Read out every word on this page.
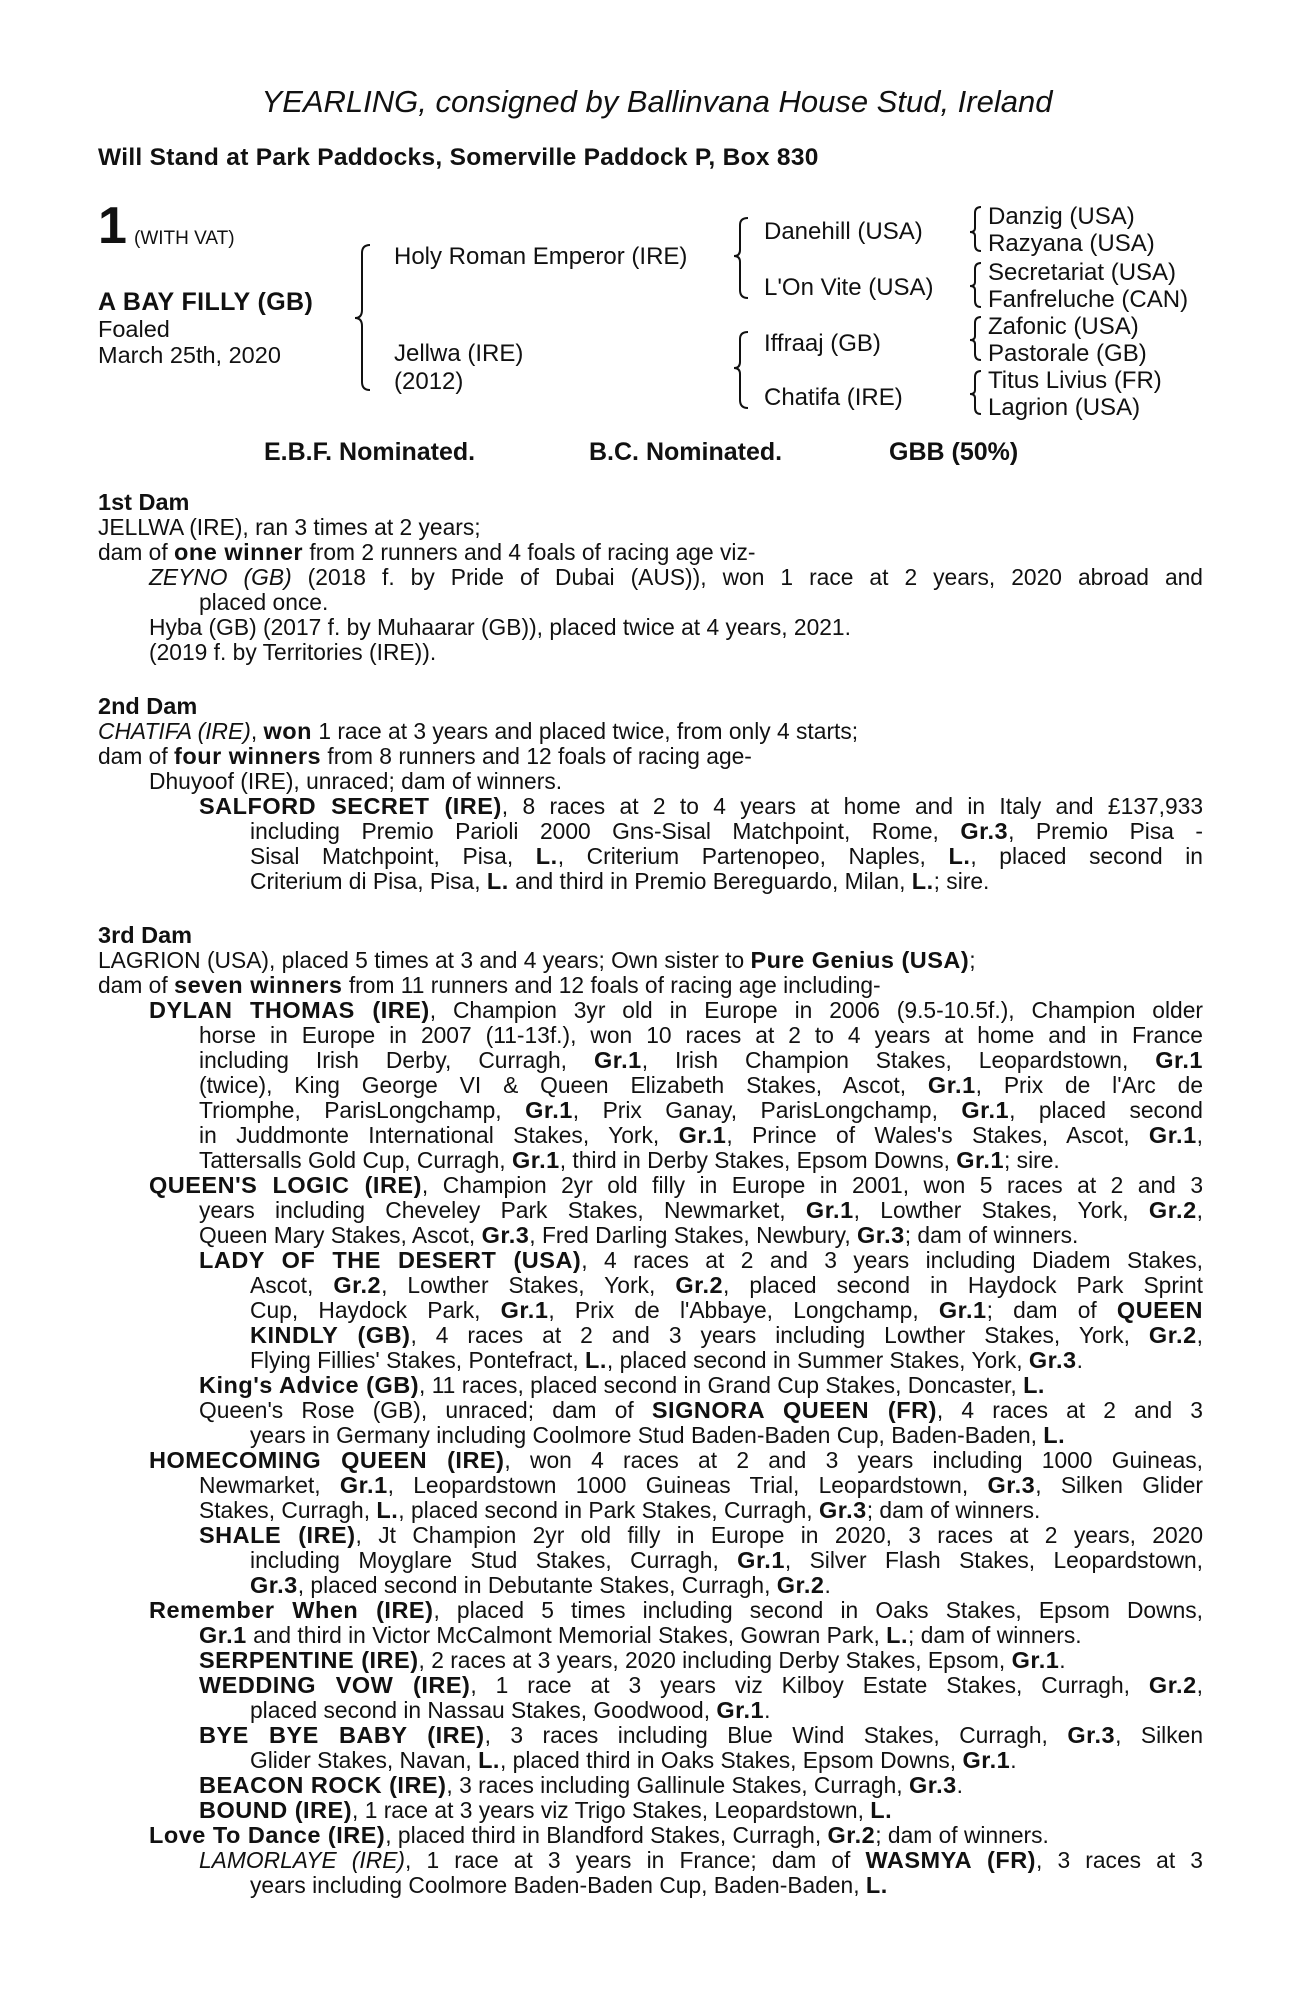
YEARLING, consigned by Ballinvana House Stud, Ireland
Will Stand at Park Paddocks, Somerville Paddock P, Box 830
1 (WITH VAT)
A BAY FILLY (GB)
Foaled
March 25th, 2020
Holy Roman Emperor (IRE)
Jellwa (IRE)
(2012)
Danehill (USA)
L'On Vite (USA)
Iffraaj (GB)
Chatifa (IRE)
Danzig (USA)
Razyana (USA)
Secretariat (USA)
Fanfreluche (CAN)
Zafonic (USA)
Pastorale (GB)
Titus Livius (FR)
Lagrion (USA)
E.B.F. Nominated.	B.C. Nominated.	GBB (50%)
1st Dam
JELLWA (IRE), ran 3 times at 2 years;
dam of one winner from 2 runners and 4 foals of racing age viz-
ZEYNO (GB) (2018 f. by Pride of Dubai (AUS)), won 1 race at 2 years, 2020 abroad and
placed once.
Hyba (GB) (2017 f. by Muhaarar (GB)), placed twice at 4 years, 2021.
(2019 f. by Territories (IRE)).
2nd Dam
CHATIFA (IRE), won 1 race at 3 years and placed twice, from only 4 starts;
dam of four winners from 8 runners and 12 foals of racing age-
Dhuyoof (IRE), unraced; dam of winners.
SALFORD SECRET (IRE), 8 races at 2 to 4 years at home and in Italy and £137,933
including Premio Parioli 2000 Gns-Sisal Matchpoint, Rome, Gr.3, Premio Pisa -
Sisal Matchpoint, Pisa, L., Criterium Partenopeo, Naples, L., placed second in
Criterium di Pisa, Pisa, L. and third in Premio Bereguardo, Milan, L.; sire.
3rd Dam
LAGRION (USA), placed 5 times at 3 and 4 years; Own sister to Pure Genius (USA);
dam of seven winners from 11 runners and 12 foals of racing age including-
DYLAN THOMAS (IRE), Champion 3yr old in Europe in 2006 (9.5-10.5f.), Champion older
horse in Europe in 2007 (11-13f.), won 10 races at 2 to 4 years at home and in France
including Irish Derby, Curragh, Gr.1, Irish Champion Stakes, Leopardstown, Gr.1
(twice), King George VI & Queen Elizabeth Stakes, Ascot, Gr.1, Prix de l'Arc de
Triomphe, ParisLongchamp, Gr.1, Prix Ganay, ParisLongchamp, Gr.1, placed second
in Juddmonte International Stakes, York, Gr.1, Prince of Wales's Stakes, Ascot, Gr.1,
Tattersalls Gold Cup, Curragh, Gr.1, third in Derby Stakes, Epsom Downs, Gr.1; sire.
QUEEN'S LOGIC (IRE), Champion 2yr old filly in Europe in 2001, won 5 races at 2 and 3
years including Cheveley Park Stakes, Newmarket, Gr.1, Lowther Stakes, York, Gr.2,
Queen Mary Stakes, Ascot, Gr.3, Fred Darling Stakes, Newbury, Gr.3; dam of winners.
LADY OF THE DESERT (USA), 4 races at 2 and 3 years including Diadem Stakes,
Ascot, Gr.2, Lowther Stakes, York, Gr.2, placed second in Haydock Park Sprint
Cup, Haydock Park, Gr.1, Prix de l'Abbaye, Longchamp, Gr.1; dam of QUEEN
KINDLY (GB), 4 races at 2 and 3 years including Lowther Stakes, York, Gr.2,
Flying Fillies' Stakes, Pontefract, L., placed second in Summer Stakes, York, Gr.3.
King's Advice (GB), 11 races, placed second in Grand Cup Stakes, Doncaster, L.
Queen's Rose (GB), unraced; dam of SIGNORA QUEEN (FR), 4 races at 2 and 3
years in Germany including Coolmore Stud Baden-Baden Cup, Baden-Baden, L.
HOMECOMING QUEEN (IRE), won 4 races at 2 and 3 years including 1000 Guineas,
Newmarket, Gr.1, Leopardstown 1000 Guineas Trial, Leopardstown, Gr.3, Silken Glider
Stakes, Curragh, L., placed second in Park Stakes, Curragh, Gr.3; dam of winners.
SHALE (IRE), Jt Champion 2yr old filly in Europe in 2020, 3 races at 2 years, 2020
including Moyglare Stud Stakes, Curragh, Gr.1, Silver Flash Stakes, Leopardstown,
Gr.3, placed second in Debutante Stakes, Curragh, Gr.2.
Remember When (IRE), placed 5 times including second in Oaks Stakes, Epsom Downs,
Gr.1 and third in Victor McCalmont Memorial Stakes, Gowran Park, L.; dam of winners.
SERPENTINE (IRE), 2 races at 3 years, 2020 including Derby Stakes, Epsom, Gr.1.
WEDDING VOW (IRE), 1 race at 3 years viz Kilboy Estate Stakes, Curragh, Gr.2,
placed second in Nassau Stakes, Goodwood, Gr.1.
BYE BYE BABY (IRE), 3 races including Blue Wind Stakes, Curragh, Gr.3, Silken
Glider Stakes, Navan, L., placed third in Oaks Stakes, Epsom Downs, Gr.1.
BEACON ROCK (IRE), 3 races including Gallinule Stakes, Curragh, Gr.3.
BOUND (IRE), 1 race at 3 years viz Trigo Stakes, Leopardstown, L.
Love To Dance (IRE), placed third in Blandford Stakes, Curragh, Gr.2; dam of winners.
LAMORLAYE (IRE), 1 race at 3 years in France; dam of WASMYA (FR), 3 races at 3
years including Coolmore Baden-Baden Cup, Baden-Baden, L.
